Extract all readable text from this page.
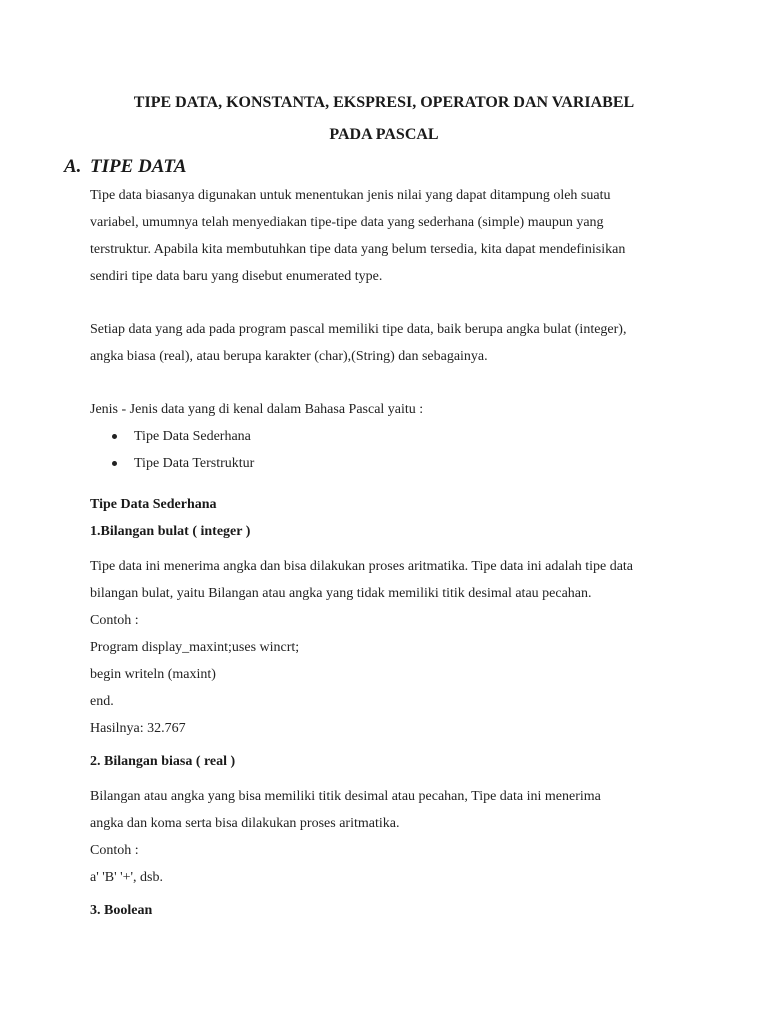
TIPE DATA, KONSTANTA, EKSPRESI, OPERATOR DAN VARIABEL
PADA PASCAL
A. TIPE DATA

Tipe data biasanya digunakan untuk menentukan jenis nilai yang dapat ditampung oleh suatu

variabel, umumnya telah menyediakan tipe-tipe data yang sederhana (simple) maupun yang

terstruktur. Apabila kita membutuhkan tipe data yang belum tersedia, kita dapat mendefinisikan

sendiri tipe data baru yang disebut enumerated type.

Setiap data yang ada pada program pascal memiliki tipe data, baik berupa angka bulat (integer),

angka biasa (real), atau berupa karakter (char),(String) dan sebagainya.

Jenis - Jenis data yang di kenal dalam Bahasa Pascal yaitu :

Tipe Data Sederhana
Tipe Data Terstruktur
Tipe Data Sederhana
1.Bilangan bulat ( integer )

Tipe data ini menerima angka dan bisa dilakukan proses aritmatika. Tipe data ini adalah tipe data

bilangan bulat, yaitu Bilangan atau angka yang tidak memiliki titik desimal atau pecahan.

Contoh :

Program display_maxint;uses wincrt;

begin writeln (maxint)

end.

Hasilnya: 32.767

2. Bilangan biasa ( real )

Bilangan atau angka yang bisa memiliki titik desimal atau pecahan, Tipe data ini menerima

angka dan koma serta bisa dilakukan proses aritmatika.

Contoh :

a' 'B' '+', dsb.

3. Boolean
